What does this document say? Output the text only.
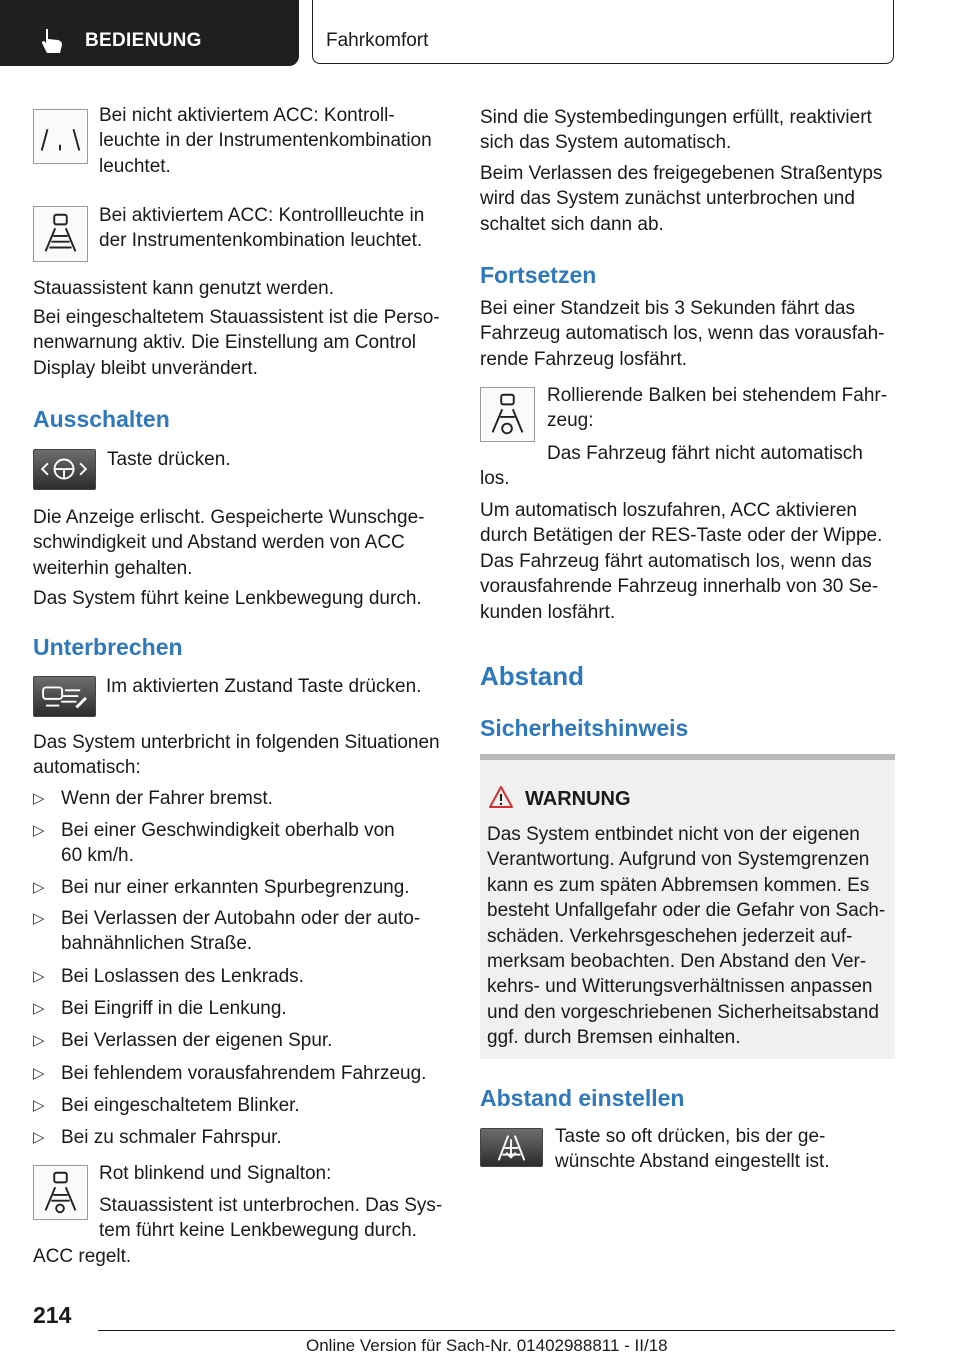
BEDIENUNG	Fahrkomfort
Bei nicht aktiviertem ACC: Kontroll-
leuchte in der Instrumentenkombination
leuchtet.
Bei aktiviertem ACC: Kontrollleuchte in
der Instrumentenkombination leuchtet.
Stauassistent kann genutzt werden.
Bei eingeschaltetem Stauassistent ist die Perso-
nenwarnung aktiv. Die Einstellung am Control
Display bleibt unverändert.
Ausschalten
Taste drücken.
Die Anzeige erlischt. Gespeicherte Wunschge-
schwindigkeit und Abstand werden von ACC
weiterhin gehalten.
Das System führt keine Lenkbewegung durch.
Unterbrechen
Im aktivierten Zustand Taste drücken.
Das System unterbricht in folgenden Situationen
automatisch:
▷ Wenn der Fahrer bremst.
▷ Bei einer Geschwindigkeit oberhalb von
60 km/h.
▷ Bei nur einer erkannten Spurbegrenzung.
▷ Bei Verlassen der Autobahn oder der auto-
bahnähnlichen Straße.
▷ Bei Loslassen des Lenkrads.
▷ Bei Eingriff in die Lenkung.
▷ Bei Verlassen der eigenen Spur.
▷ Bei fehlendem vorausfahrendem Fahrzeug.
▷ Bei eingeschaltetem Blinker.
▷ Bei zu schmaler Fahrspur.
Rot blinkend und Signalton:
Stauassistent ist unterbrochen. Das Sys-
tem führt keine Lenkbewegung durch.
ACC regelt.
Sind die Systembedingungen erfüllt, reaktiviert
sich das System automatisch.
Beim Verlassen des freigegebenen Straßentyps
wird das System zunächst unterbrochen und
schaltet sich dann ab.
Fortsetzen
Bei einer Standzeit bis 3 Sekunden fährt das
Fahrzeug automatisch los, wenn das vorausfah-
rende Fahrzeug losfährt.
Rollierende Balken bei stehendem Fahr-
zeug:
Das Fahrzeug fährt nicht automatisch
los.
Um automatisch loszufahren, ACC aktivieren
durch Betätigen der RES-Taste oder der Wippe.
Das Fahrzeug fährt automatisch los, wenn das
vorausfahrende Fahrzeug innerhalb von 30 Se-
kunden losfährt.
Abstand
Sicherheitshinweis
WARNUNG
Das System entbindet nicht von der eigenen
Verantwortung. Aufgrund von Systemgrenzen
kann es zum späten Abbremsen kommen. Es
besteht Unfallgefahr oder die Gefahr von Sach-
schäden. Verkehrsgeschehen jederzeit auf-
merksam beobachten. Den Abstand den Ver-
kehrs- und Witterungsverhältnissen anpassen
und den vorgeschriebenen Sicherheitsabstand
ggf. durch Bremsen einhalten.
Abstand einstellen
Taste so oft drücken, bis der ge-
wünschte Abstand eingestellt ist.
214
Online Version für Sach-Nr. 01402988811 - II/18
